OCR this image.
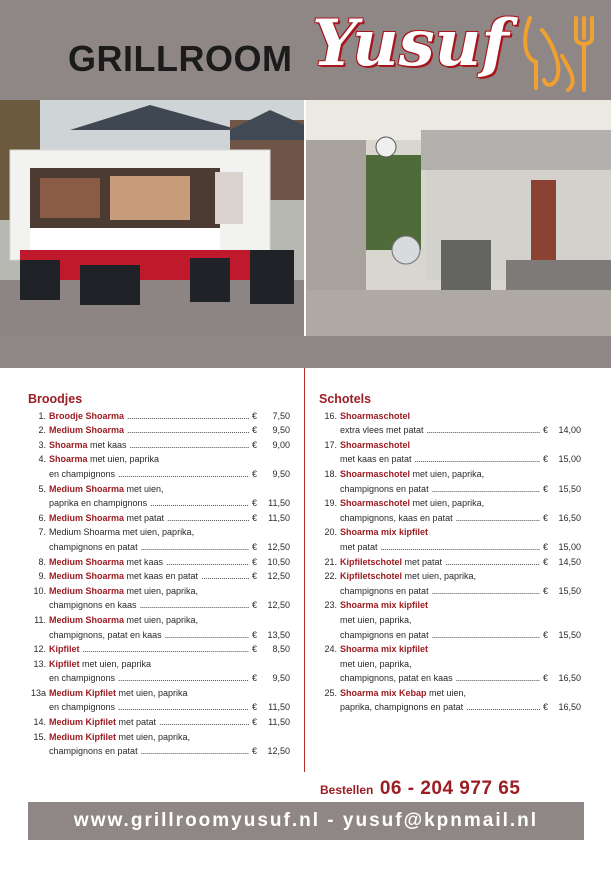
GRILLROOM Yusuf
Broodjes
1. Broodje Shoarma . . .	€ 7,50
2. Medium Shoarma . . .	€ 9,50
3. Shoarma met kaas . . .	€ 9,00
4. Shoarma met uien, paprika
en champignons . . .	€ 9,50
5. Medium Shoarma met uien,
paprika en champignons . . .	€ 11,50
6. Medium Shoarma met patat . . .	€ 11,50
7. Medium Shoarma met uien, paprika,
champignons en patat . . .	€ 12,50
8. Medium Shoarma met kaas . . .	€ 10,50
9. Medium Shoarma met kaas en patat . . .	€ 12,50
10. Medium Shoarma met uien, paprika,
champignons en kaas . . .	€ 12,50
11. Medium Shoarma met uien, paprika,
champignons, patat en kaas . . .	€ 13,50
12. Kipfilet . . .	€ 8,50
13. Kipfilet met uien, paprika
en champignons . . .	€ 9,50
13a Medium Kipfilet met uien, paprika
en champignons . . .	€ 11,50
14. Medium Kipfilet met patat . . .	€ 11,50
15. Medium Kipfilet met uien, paprika,
champignons en patat . . .	€ 12,50
Schotels
16. Shoarmaschotel
extra vlees met patat . . .	€ 14,00
17. Shoarmaschotel
met kaas en patat . . .	€ 15,00
18. Shoarmaschotel met uien, paprika,
champignons en patat . . .	€ 15,50
19. Shoarmaschotel met uien, paprika,
champignons, kaas en patat . . .	€ 16,50
20. Shoarma mix kipfilet
met patat . . .	€ 15,00
21. Kipfiletschotel met patat . . .	€ 14,50
22. Kipfiletschotel met uien, paprika,
champignons en patat . . .	€ 15,50
23. Shoarma mix kipfilet
met uien, paprika,
champignons en patat . . .	€ 15,50
24. Shoarma mix kipfilet
met uien, paprika,
champignons, patat en kaas . . .	€ 16,50
25. Shoarma mix Kebap met uien,
paprika, champignons en patat . . .	€ 16,50
Bestellen 06 - 204 977 65
www.grillroomyusuf.nl - yusuf@kpnmail.nl
